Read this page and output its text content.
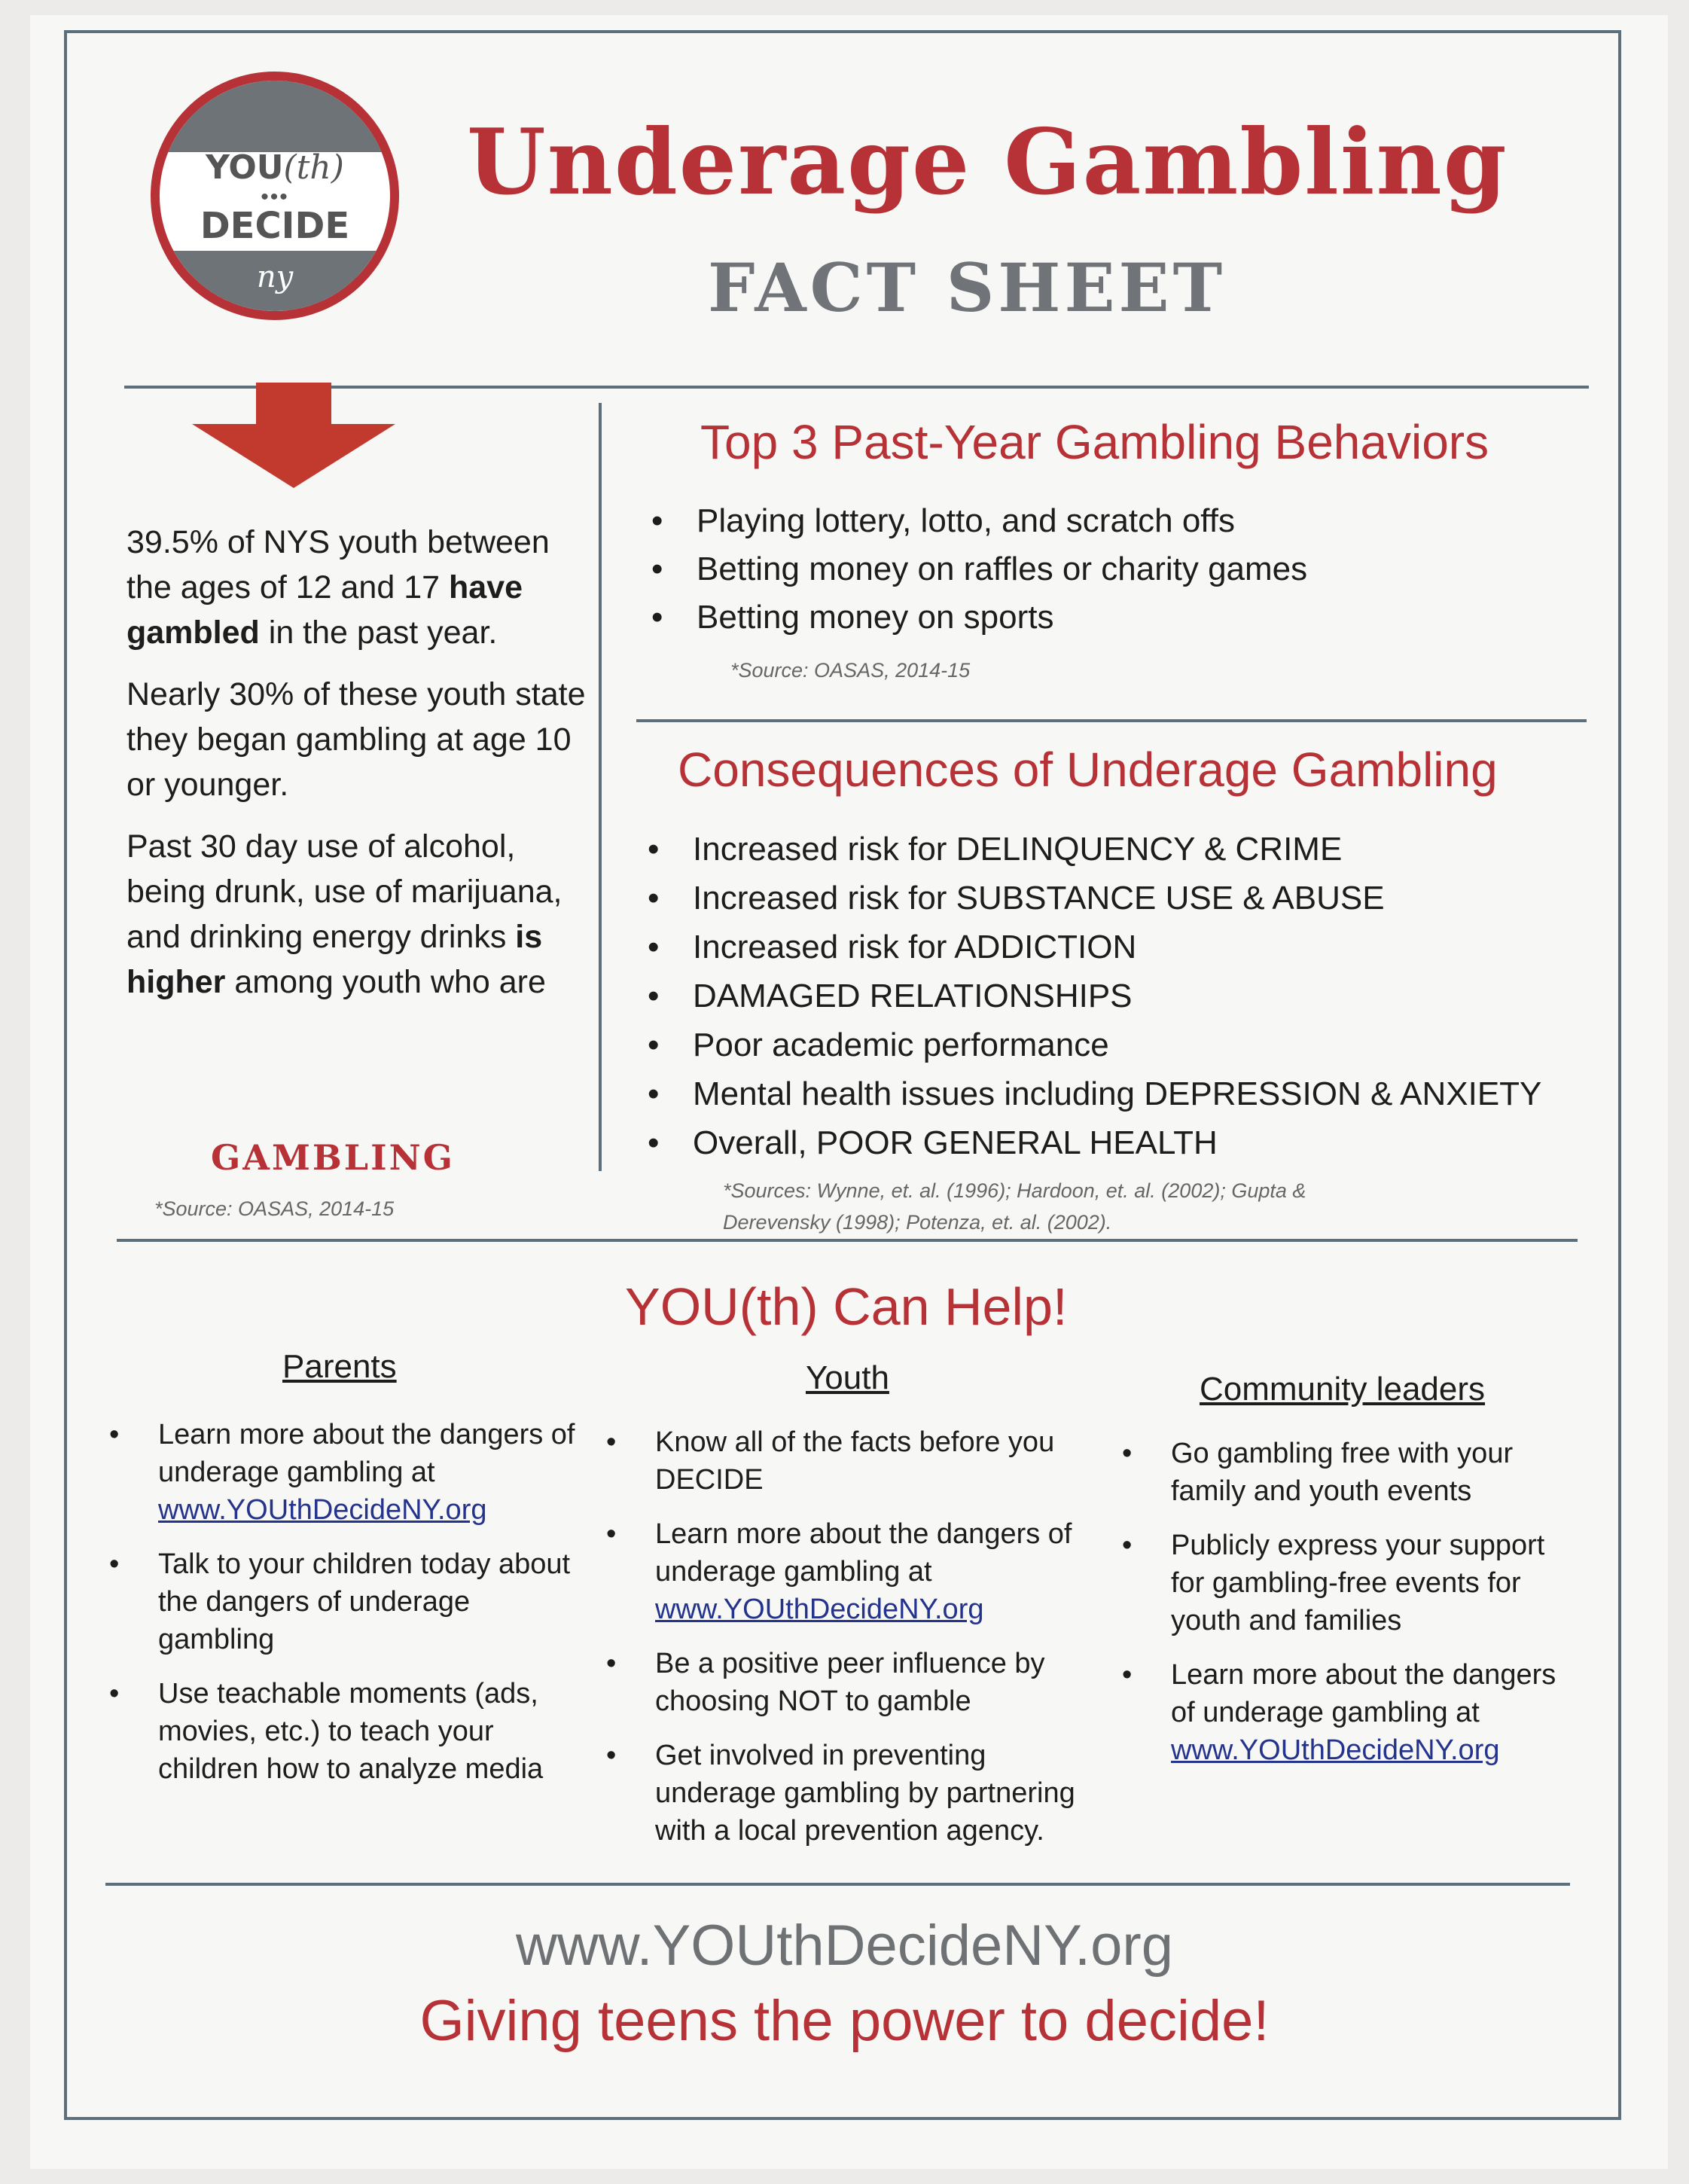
YOU(th)
•••
DECIDE
ny
Underage Gambling
FACT SHEET

39.5% of NYS youth between the ages of 12 and 17 have gambled in the past year.

Nearly 30% of these youth state they began gambling at age 10 or younger.

Past 30 day use of alcohol, being drunk, use of marijuana, and drinking energy drinks is higher among youth who are

GAMBLING
*Source: OASAS, 2014-15
Top 3 Past-Year Gambling Behaviors
• Playing lottery, lotto, and scratch offs
• Betting money on raffles or charity games
• Betting money on sports
*Source: OASAS, 2014-15
Consequences of Underage Gambling
• Increased risk for DELINQUENCY & CRIME
• Increased risk for SUBSTANCE USE & ABUSE
• Increased risk for ADDICTION
• DAMAGED RELATIONSHIPS
• Poor academic performance
• Mental health issues including DEPRESSION & ANXIETY
• Overall, POOR GENERAL HEALTH
*Sources: Wynne, et. al. (1996); Hardoon, et. al. (2002); Gupta &
Derevensky (1998); Potenza, et. al. (2002).
YOU(th) Can Help!
Parents
• Learn more about the dangers of underage gambling at www.YOUthDecideNY.org
• Talk to your children today about the dangers of underage gambling
• Use teachable moments (ads, movies, etc.) to teach your children how to analyze media
Youth
• Know all of the facts before you DECIDE
• Learn more about the dangers of underage gambling at www.YOUthDecideNY.org
• Be a positive peer influence by choosing NOT to gamble
• Get involved in preventing underage gambling by partnering with a local prevention agency.
Community leaders
• Go gambling free with your family and youth events
• Publicly express your support for gambling-free events for youth and families
• Learn more about the dangers of underage gambling at www.YOUthDecideNY.org
www.YOUthDecideNY.org
Giving teens the power to decide!
